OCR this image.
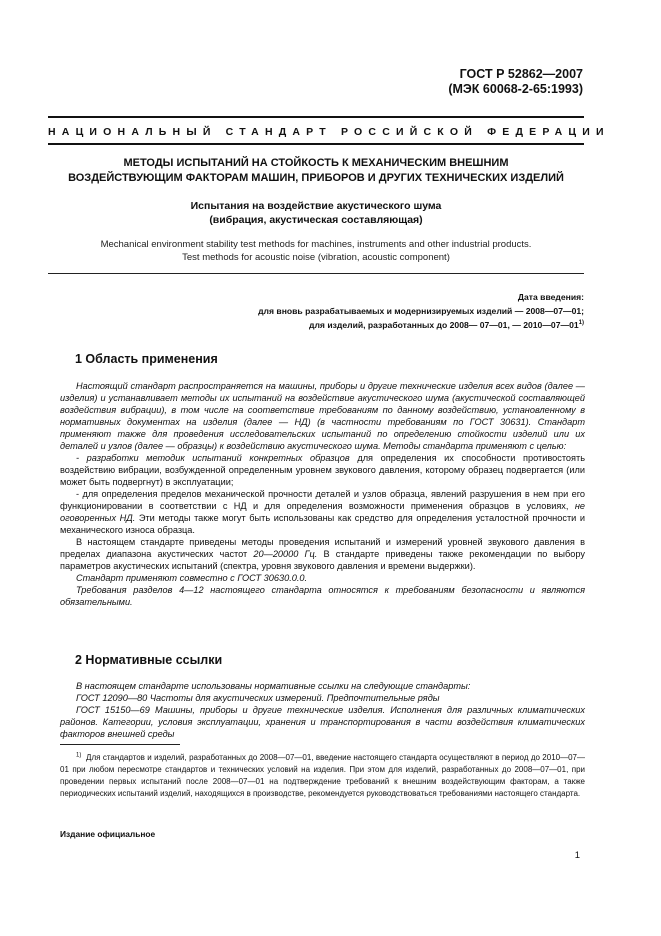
ГОСТ Р 52862—2007
(МЭК 60068-2-65:1993)
НАЦИОНАЛЬНЫЙ СТАНДАРТ РОССИЙСКОЙ ФЕДЕРАЦИИ
МЕТОДЫ ИСПЫТАНИЙ НА СТОЙКОСТЬ К МЕХАНИЧЕСКИМ ВНЕШНИМ
ВОЗДЕЙСТВУЮЩИМ ФАКТОРАМ МАШИН, ПРИБОРОВ И ДРУГИХ ТЕХНИЧЕСКИХ ИЗДЕЛИЙ
Испытания на воздействие акустического шума
(вибрация, акустическая составляющая)
Mechanical environment stability test methods for machines, instruments and other industrial products.
Test methods for acoustic noise (vibration, acoustic component)
Дата введения:
для вновь разрабатываемых и модернизируемых изделий — 2008—07—01;
для изделий, разработанных до 2008— 07—01, — 2010—07—01$^{1)}$
1 Область применения

Настоящий стандарт распространяется на машины, приборы и другие технические изделия всех видов (далее — изделия) и устанавливает методы их испытаний на воздействие акустического шума (акустической составляющей воздействия вибрации), в том числе на соответствие требованиям по данному воздействию, установленному в нормативных документах на изделия (далее — НД) (в частности требованиям по ГОСТ 30631). Стандарт применяют также для проведения исследовательских испытаний по определению стойкости изделий или их деталей и узлов (далее — образцы) к воздействию акустического шума. Методы стандарта применяют с целью:

- разработки методик испытаний конкретных образцов для определения их способности противостоять воздействию вибрации, возбужденной определенным уровнем звукового давления, которому образец подвергается (или может быть подвергнут) в эксплуатации;

- для определения пределов механической прочности деталей и узлов образца, явлений разрушения в нем при его функционировании в соответствии с НД и для определения возможности применения образцов в условиях, не оговоренных НД. Эти методы также могут быть использованы как средство для определения усталостной прочности и механического износа образца.

В настоящем стандарте приведены методы проведения испытаний и измерений уровней звукового давления в пределах диапазона акустических частот 20—20000 Гц. В стандарте приведены также рекомендации по выбору параметров акустических испытаний (спектра, уровня звукового давления и времени выдержки).

Стандарт применяют совместно с ГОСТ 30630.0.0.

Требования разделов 4—12 настоящего стандарта относятся к требованиям безопасности и являются обязательными.

2 Нормативные ссылки

В настоящем стандарте использованы нормативные ссылки на следующие стандарты:

ГОСТ 12090—80 Частоты для акустических измерений. Предпочтительные ряды

ГОСТ 15150—69 Машины, приборы и другие технические изделия. Исполнения для различных климатических районов. Категории, условия эксплуатации, хранения и транспортирования в части воздействия климатических факторов внешней среды

$^{1)}$ Для стандартов и изделий, разработанных до 2008—07—01, введение настоящего стандарта осуществляют в период до 2010—07—01 при любом пересмотре стандартов и технических условий на изделия. При этом для изделий, разработанных до 2008—07—01, при проведении первых испытаний после 2008—07—01 на подтверждение требований к внешним воздействующим факторам, а также периодических испытаний изделий, находящихся в производстве, рекомендуется руководствоваться требованиями настоящего стандарта.

Издание официальное
1
